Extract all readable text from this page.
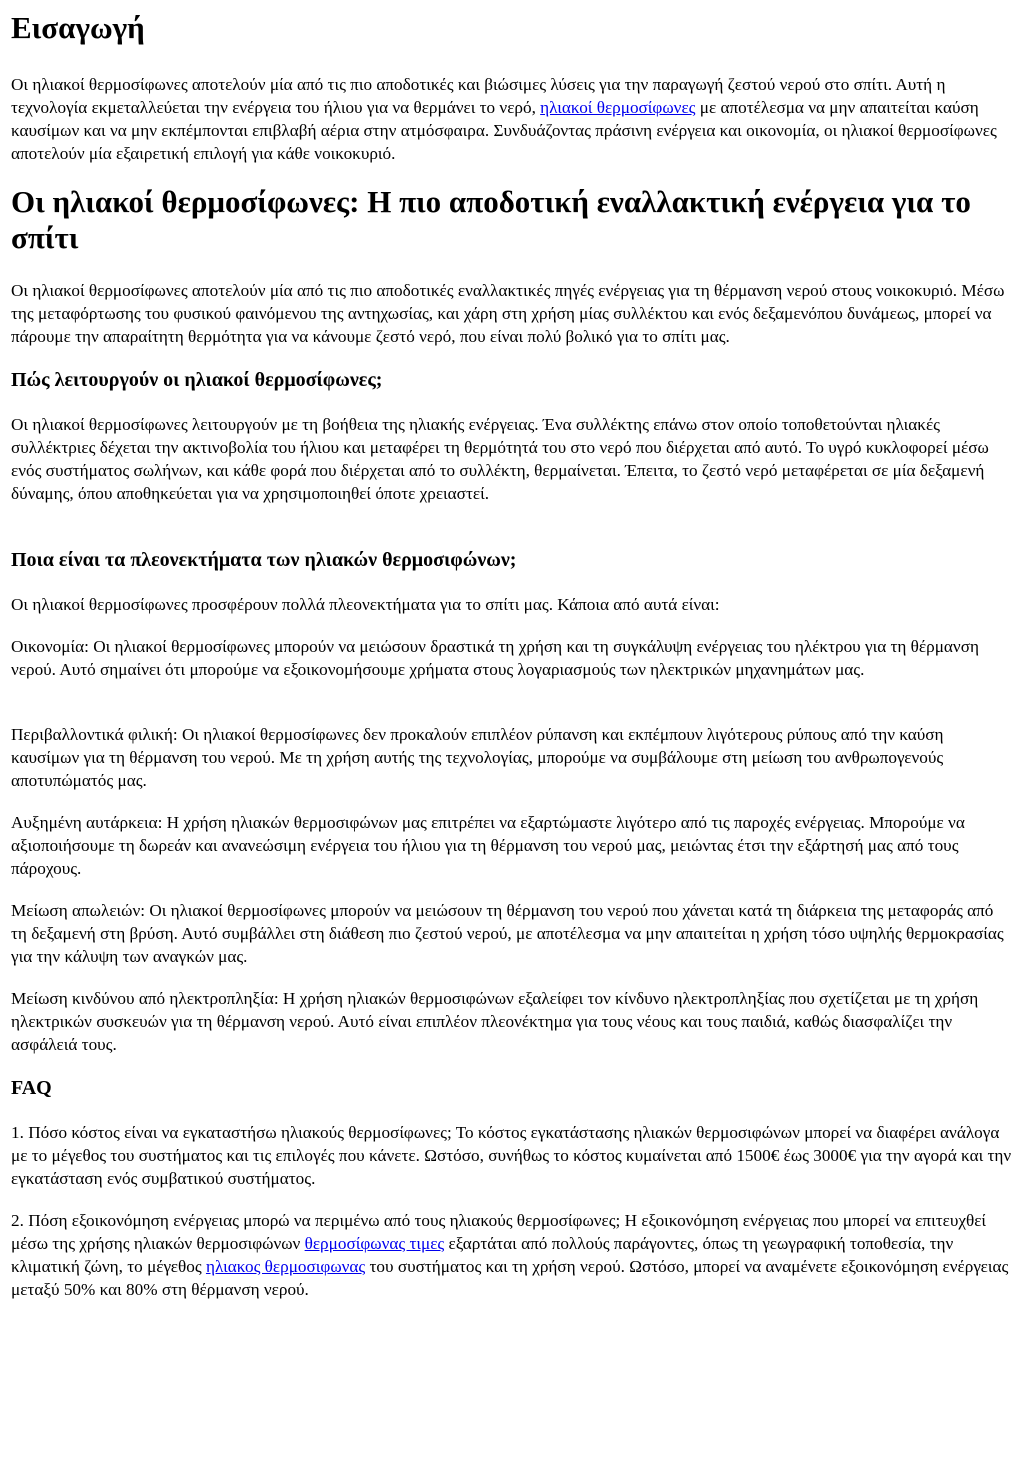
Εισαγωγή

Οι ηλιακοί θερμοσίφωνες αποτελούν μία από τις πιο αποδοτικές και βιώσιμες λύσεις για την παραγωγή ζεστού νερού στο σπίτι. Αυτή η τεχνολογία εκμεταλλεύεται την ενέργεια του ήλιου για να θερμάνει το νερό, ηλιακοί θερμοσίφωνες με αποτέλεσμα να μην απαιτείται καύση καυσίμων και να μην εκπέμπονται επιβλαβή αέρια στην ατμόσφαιρα. Συνδυάζοντας πράσινη ενέργεια και οικονομία, οι ηλιακοί θερμοσίφωνες αποτελούν μία εξαιρετική επιλογή για κάθε νοικοκυριό.

Οι ηλιακοί θερμοσίφωνες: Η πιο αποδοτική εναλλακτική ενέργεια για το σπίτι

Οι ηλιακοί θερμοσίφωνες αποτελούν μία από τις πιο αποδοτικές εναλλακτικές πηγές ενέργειας για τη θέρμανση νερού στους νοικοκυριό. Μέσω της μεταφόρτωσης του φυσικού φαινόμενου της αντηχωσίας, και χάρη στη χρήση μίας συλλέκτου και ενός δεξαμενόπου δυνάμεως, μπορεί να πάρουμε την απαραίτητη θερμότητα για να κάνουμε ζεστό νερό, που είναι πολύ βολικό για το σπίτι μας.

Πώς λειτουργούν οι ηλιακοί θερμοσίφωνες;

Οι ηλιακοί θερμοσίφωνες λειτουργούν με τη βοήθεια της ηλιακής ενέργειας. Ένα συλλέκτης επάνω στον οποίο τοποθετούνται ηλιακές συλλέκτριες δέχεται την ακτινοβολία του ήλιου και μεταφέρει τη θερμότητά του στο νερό που διέρχεται από αυτό. Το υγρό κυκλοφορεί μέσω ενός συστήματος σωλήνων, και κάθε φορά που διέρχεται από το συλλέκτη, θερμαίνεται. Έπειτα, το ζεστό νερό μεταφέρεται σε μία δεξαμενή δύναμης, όπου αποθηκεύεται για να χρησιμοποιηθεί όποτε χρειαστεί.

Ποια είναι τα πλεονεκτήματα των ηλιακών θερμοσιφώνων;

Οι ηλιακοί θερμοσίφωνες προσφέρουν πολλά πλεονεκτήματα για το σπίτι μας. Κάποια από αυτά είναι:

Οικονομία: Οι ηλιακοί θερμοσίφωνες μπορούν να μειώσουν δραστικά τη χρήση και τη συγκάλυψη ενέργειας του ηλέκτρου για τη θέρμανση νερού. Αυτό σημαίνει ότι μπορούμε να εξοικονομήσουμε χρήματα στους λογαριασμούς των ηλεκτρικών μηχανημάτων μας.

Περιβαλλοντικά φιλική: Οι ηλιακοί θερμοσίφωνες δεν προκαλούν επιπλέον ρύπανση και εκπέμπουν λιγότερους ρύπους από την καύση καυσίμων για τη θέρμανση του νερού. Με τη χρήση αυτής της τεχνολογίας, μπορούμε να συμβάλουμε στη μείωση του ανθρωπογενούς αποτυπώματός μας.

Αυξημένη αυτάρκεια: Η χρήση ηλιακών θερμοσιφώνων μας επιτρέπει να εξαρτώμαστε λιγότερο από τις παροχές ενέργειας. Μπορούμε να αξιοποιήσουμε τη δωρεάν και ανανεώσιμη ενέργεια του ήλιου για τη θέρμανση του νερού μας, μειώντας έτσι την εξάρτησή μας από τους πάροχους.

Μείωση απωλειών: Οι ηλιακοί θερμοσίφωνες μπορούν να μειώσουν τη θέρμανση του νερού που χάνεται κατά τη διάρκεια της μεταφοράς από τη δεξαμενή στη βρύση. Αυτό συμβάλλει στη διάθεση πιο ζεστού νερού, με αποτέλεσμα να μην απαιτείται η χρήση τόσο υψηλής θερμοκρασίας για την κάλυψη των αναγκών μας.

Μείωση κινδύνου από ηλεκτροπληξία: Η χρήση ηλιακών θερμοσιφώνων εξαλείφει τον κίνδυνο ηλεκτροπληξίας που σχετίζεται με τη χρήση ηλεκτρικών συσκευών για τη θέρμανση νερού. Αυτό είναι επιπλέον πλεονέκτημα για τους νέους και τους παιδιά, καθώς διασφαλίζει την ασφάλειά τους.

FAQ

1. Πόσο κόστος είναι να εγκαταστήσω ηλιακούς θερμοσίφωνες; Το κόστος εγκατάστασης ηλιακών θερμοσιφώνων μπορεί να διαφέρει ανάλογα με το μέγεθος του συστήματος και τις επιλογές που κάνετε. Ωστόσο, συνήθως το κόστος κυμαίνεται από 1500€ έως 3000€ για την αγορά και την εγκατάσταση ενός συμβατικού συστήματος.

2. Πόση εξοικονόμηση ενέργειας μπορώ να περιμένω από τους ηλιακούς θερμοσίφωνες; Η εξοικονόμηση ενέργειας που μπορεί να επιτευχθεί μέσω της χρήσης ηλιακών θερμοσιφώνων θερμοσίφωνας τιμες εξαρτάται από πολλούς παράγοντες, όπως τη γεωγραφική τοποθεσία, την κλιματική ζώνη, το μέγεθος ηλιακος θερμοσιφωνας του συστήματος και τη χρήση νερού. Ωστόσο, μπορεί να αναμένετε εξοικονόμηση ενέργειας μεταξύ 50% και 80% στη θέρμανση νερού.
